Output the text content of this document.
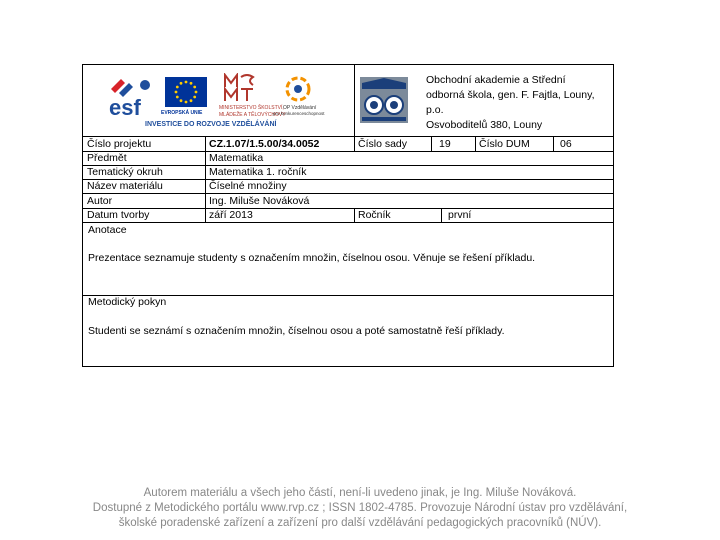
esf	EVROPSKÁ UNIE
MINISTERSTVO ŠKOLSTVÍ,
MLÁDEŽE A TĚLOVÝCHOVY
OP Vzdělávání
pro konkurenceschopnost
INVESTICE DO ROZVOJE VZDĚLÁVÁNÍ
Obchodní akademie a Střední
odborná škola, gen. F. Fajtla, Louny,
p.o.
Osvoboditelů 380, Louny
Číslo projektu	CZ.1.07/1.5.00/34.0052	Číslo sady	19	Číslo DUM	06
Předmět	Matematika
Tematický okruh	Matematika 1. ročník
Název materiálu	Číselné množiny
Autor	Ing. Miluše Nováková
Datum tvorby	září 2013	Ročník	první
Anotace
Prezentace seznamuje studenty s označením množin, číselnou osou. Věnuje se řešení příkladu.
Metodický pokyn
Studenti se seznámí s označením množin, číselnou osou a poté samostatně řeší příklady.
Autorem materiálu a všech jeho částí, není-li uvedeno jinak, je Ing. Miluše Nováková.
Dostupné z Metodického portálu www.rvp.cz ; ISSN 1802-4785. Provozuje Národní ústav pro vzdělávání,
školské poradenské zařízení a zařízení pro další vzdělávání pedagogických pracovníků (NÚV).
